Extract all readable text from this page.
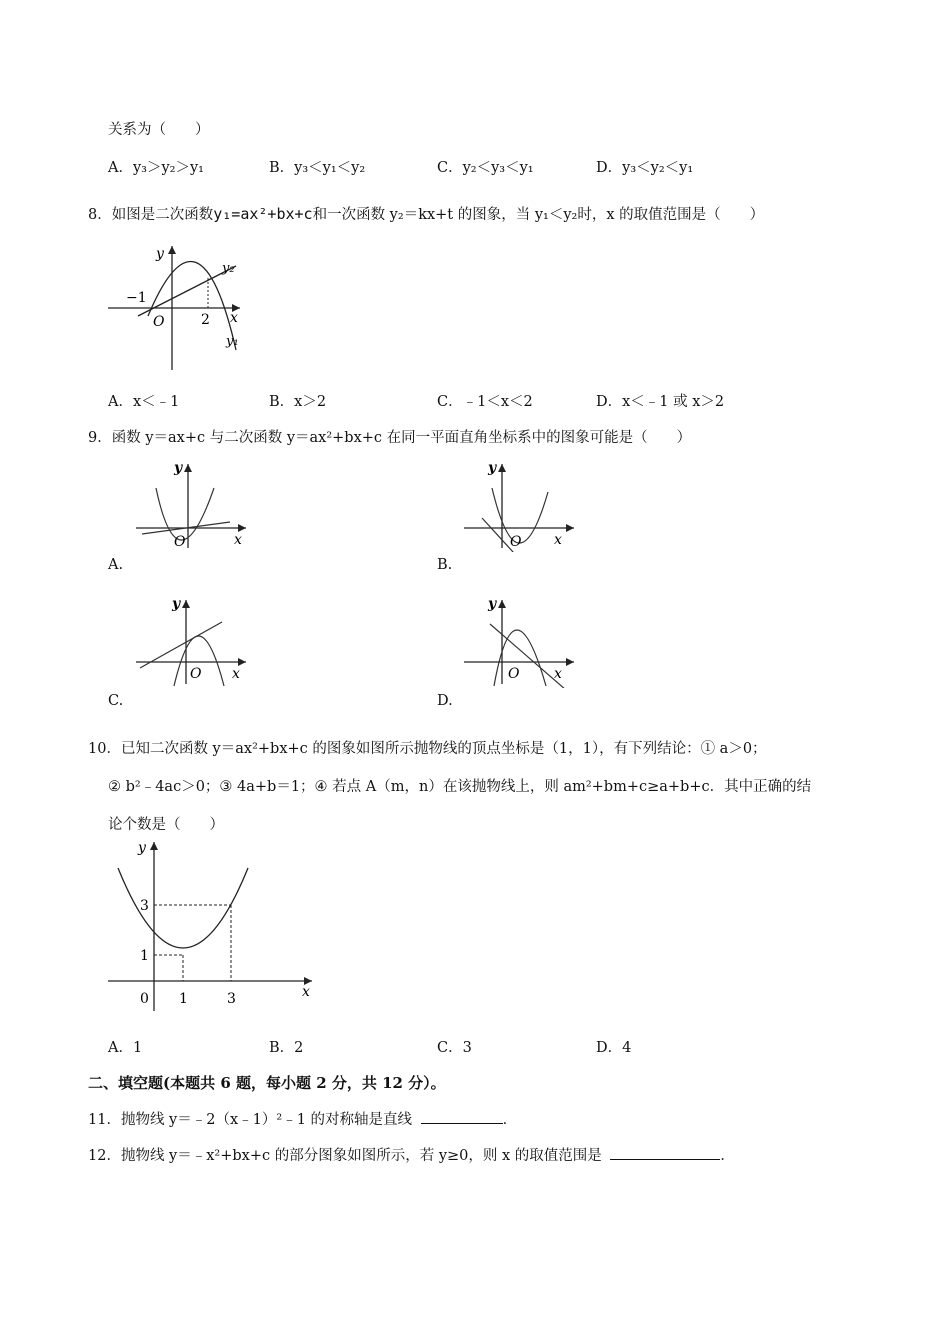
关系为（　　）
A．y₃＞y₂＞y₁	B．y₃＜y₁＜y₂	C．y₂＜y₃＜y₁	D．y₃＜y₂＜y₁
8．如图是二次函数y₁=ax²+bx+c和一次函数 y₂＝kx+t 的图象，当 y₁＜y₂时，x 的取值范围是（　　）
y
x
O
−1
2
y₂
y₁
A．x＜﹣1	B．x＞2	C．﹣1＜x＜2	D．x＜﹣1 或 x＞2
9．函数 y＝ax+c 与二次函数 y＝ax²+bx+c 在同一平面直角坐标系中的图象可能是（　　）
y
x
O
A.
y
x
O
B.
y
x
O
C.
y
x
O
D.
10．已知二次函数 y＝ax²+bx+c 的图象如图所示抛物线的顶点坐标是（1，1），有下列结论：① a＞0；
② b²﹣4ac＞0；③ 4a+b＝1；④ 若点 A（m，n）在该抛物线上，则 am²+bm+c≥a+b+c．其中正确的结
论个数是（　　）
y
x
0 1	3
1
3
A．1	B．2	C．3	D．4
二、填空题(本题共 6 题，每小题 2 分，共 12 分）。
11．抛物线 y＝﹣2（x﹣1）²﹣1 的对称轴是直线	．
12．抛物线 y＝﹣x²+bx+c 的部分图象如图所示，若 y≥0，则 x 的取值范围是	．
